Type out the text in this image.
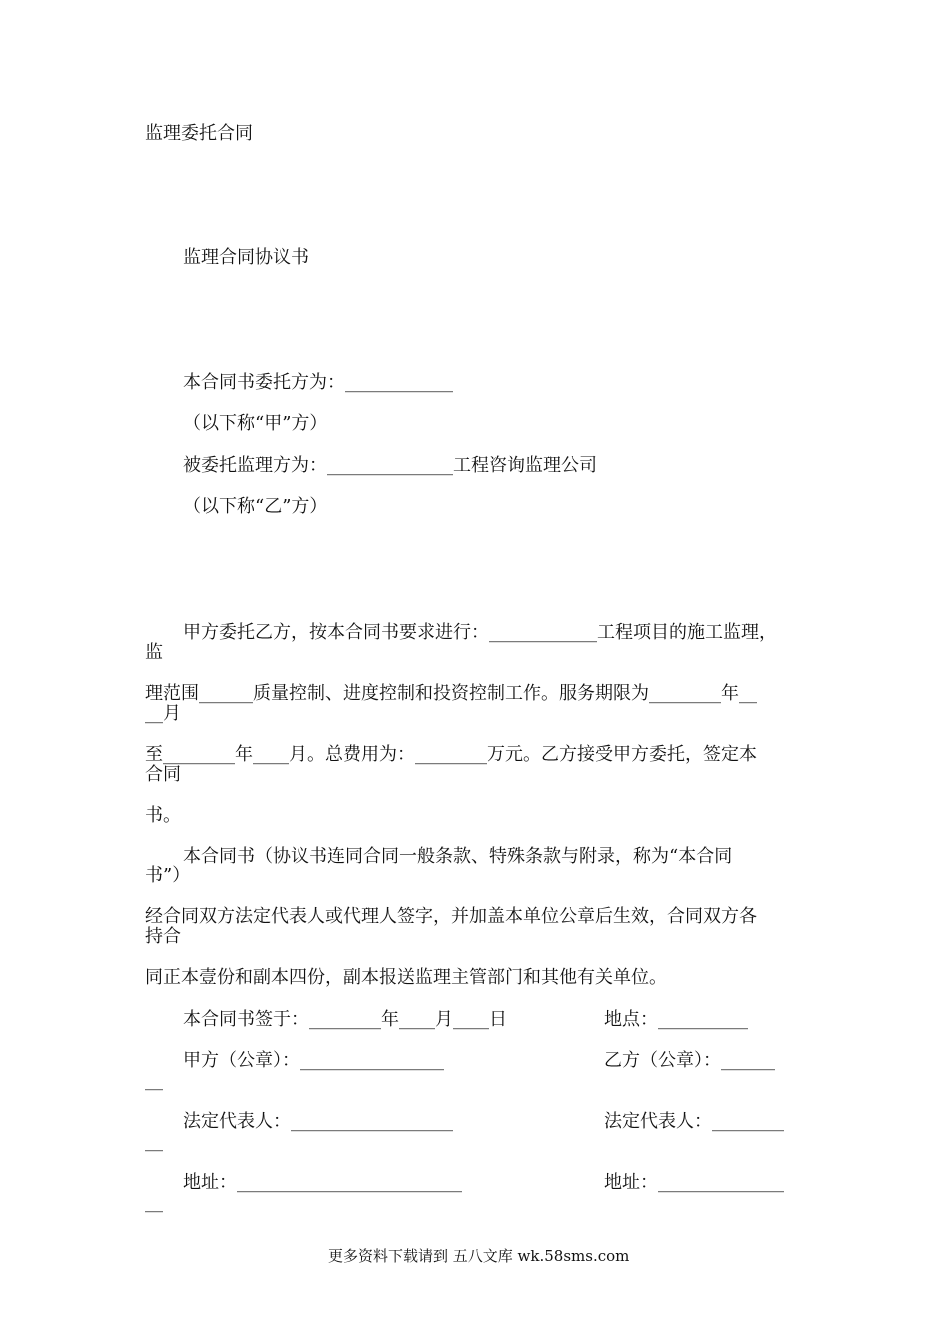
监理委托合同
监理合同协议书
本合同书委托方为：____________
（以下称“甲”方）
被委托监理方为：______________工程咨询监理公司
（以下称“乙”方）
甲方委托乙方，按本合同书要求进行：____________工程项目的施工监理，
监
理范围______质量控制、进度控制和投资控制工作。服务期限为________年__
__月
至________年____月。总费用为：________万元。乙方接受甲方委托，签定本
合同
书。
本合同书（协议书连同合同一般条款、特殊条款与附录，称为“本合同
书”）
经合同双方法定代表人或代理人签字，并加盖本单位公章后生效，合同双方各
持合
同正本壹份和副本四份，副本报送监理主管部门和其他有关单位。
本合同书签于：________年____月____日	地点：__________
甲方（公章）：________________	乙方（公章）：______
__
法定代表人：__________________	法定代表人：________
__
地址：_________________________	地址：______________
__
更多资料下载请到 五八文库 wk.58sms.com
